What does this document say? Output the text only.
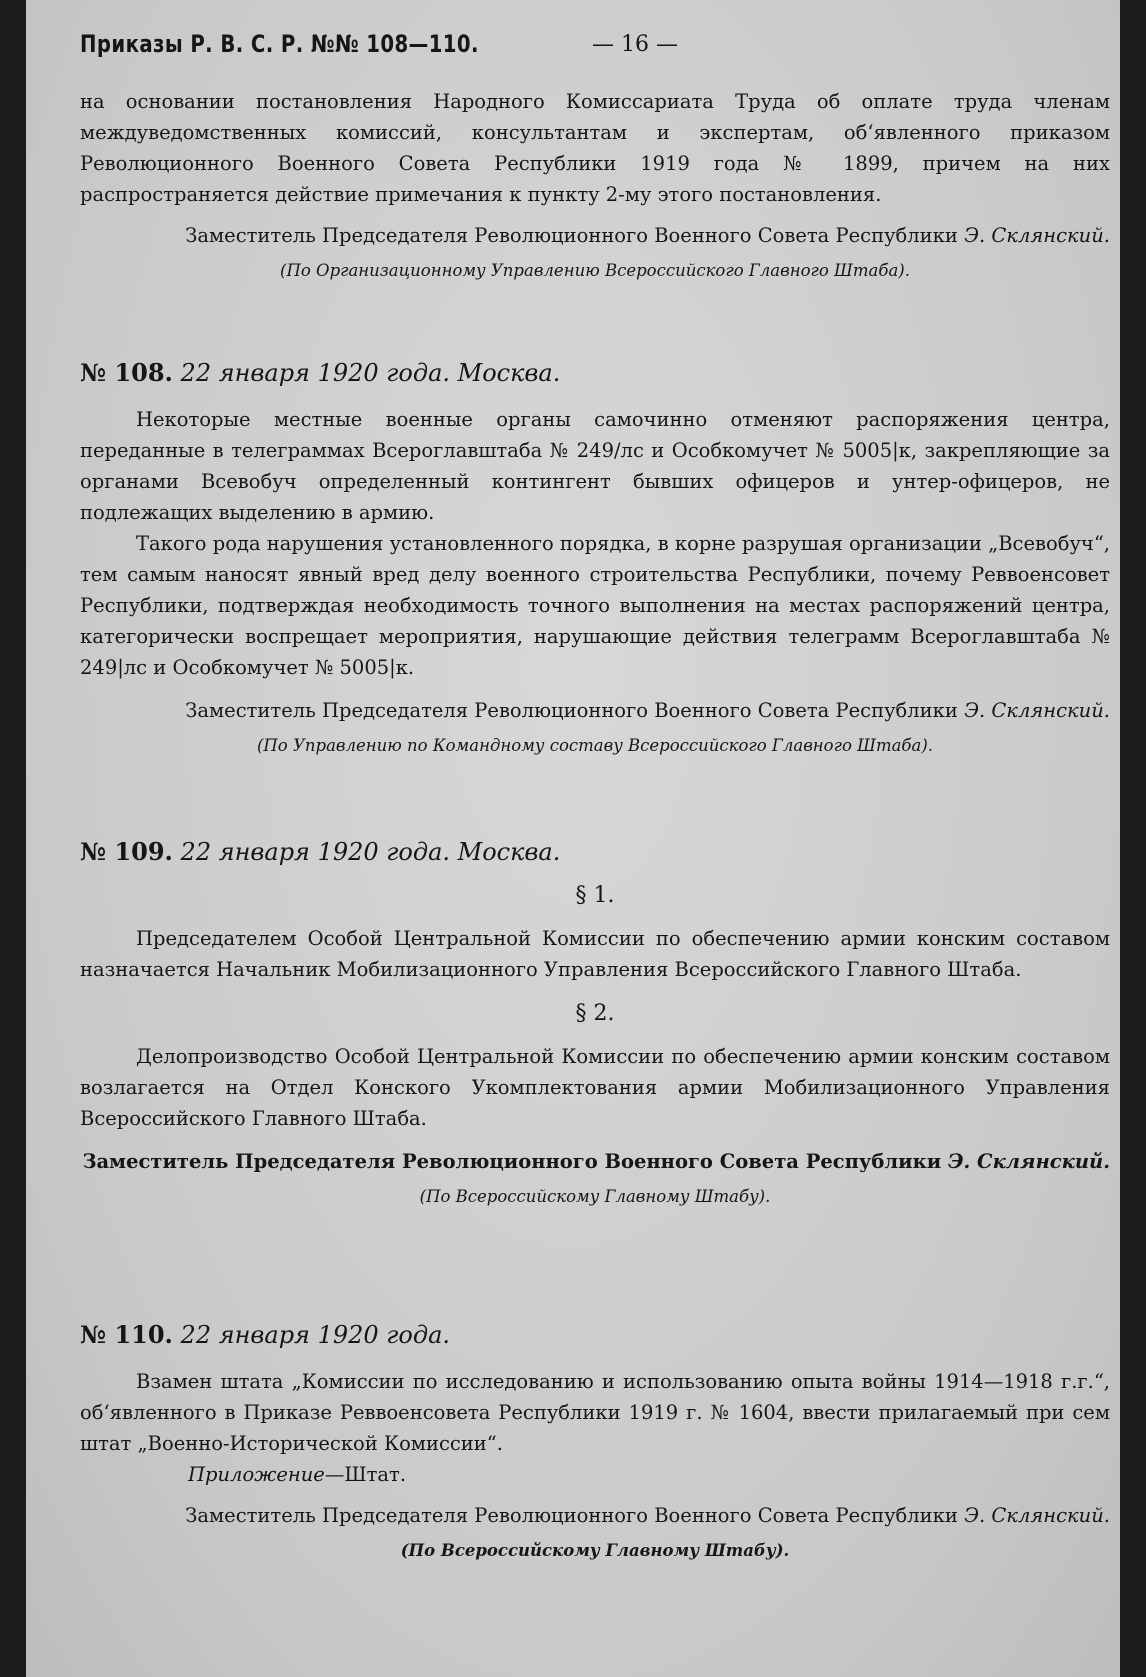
Приказы Р. В. С. Р. №№ 108—110.	— 16 —

на основании постановления Народного Комиссариата Труда об оплате труда членам междуведомственных комиссий, консультантам и экспертам, об‘явленного приказом Революционного Военного Совета Республики 1919 года № 1899, причем на них распространяется действие примечания к пункту 2-му этого постановления.

Заместитель Председателя Революционного Военного Совета Республики Э. Склянский.
(По Организационному Управлению Всероссийского Главного Штаба).
№ 108. 22 января 1920 года. Москва.

Некоторые местные военные органы самочинно отменяют распоряжения центра, переданные в телеграммах Всероглавштаба № 249/лс и Особкомучет № 5005|к, закрепляющие за органами Всевобуч определенный контингент бывших офицеров и унтер-офицеров, не подлежащих выделению в армию.

Такого рода нарушения установленного порядка, в корне разрушая организации „Всевобуч“, тем самым наносят явный вред делу военного строительства Республики, почему Реввоенсовет Республики, подтверждая необходимость точного выполнения на местах распоряжений центра, категорически воспрещает мероприятия, нарушающие действия телеграмм Всероглавштаба № 249|лс и Особкомучет № 5005|к.

Заместитель Председателя Революционного Военного Совета Республики Э. Склянский.
(По Управлению по Командному составу Всероссийского Главного Штаба).
№ 109. 22 января 1920 года. Москва.
§ 1.

Председателем Особой Центральной Комиссии по обеспечению армии конским составом назначается Начальник Мобилизационного Управления Всероссийского Главного Штаба.

§ 2.

Делопроизводство Особой Центральной Комиссии по обеспечению армии конским составом возлагается на Отдел Конского Укомплектования армии Мобилизационного Управления Всероссийского Главного Штаба.

Заместитель Председателя Революционного Военного Совета Республики Э. Склянский.
(По Всероссийскому Главному Штабу).
№ 110. 22 января 1920 года.

Взамен штата „Комиссии по исследованию и использованию опыта войны 1914—1918 г.г.“, об‘явленного в Приказе Реввоенсовета Республики 1919 г. № 1604, ввести прилагаемый при сем штат „Военно-Исторической Комиссии“.

Приложение—Штат.
Заместитель Председателя Революционного Военного Совета Республики Э. Склянский.
(По Всероссийскому Главному Штабу).
